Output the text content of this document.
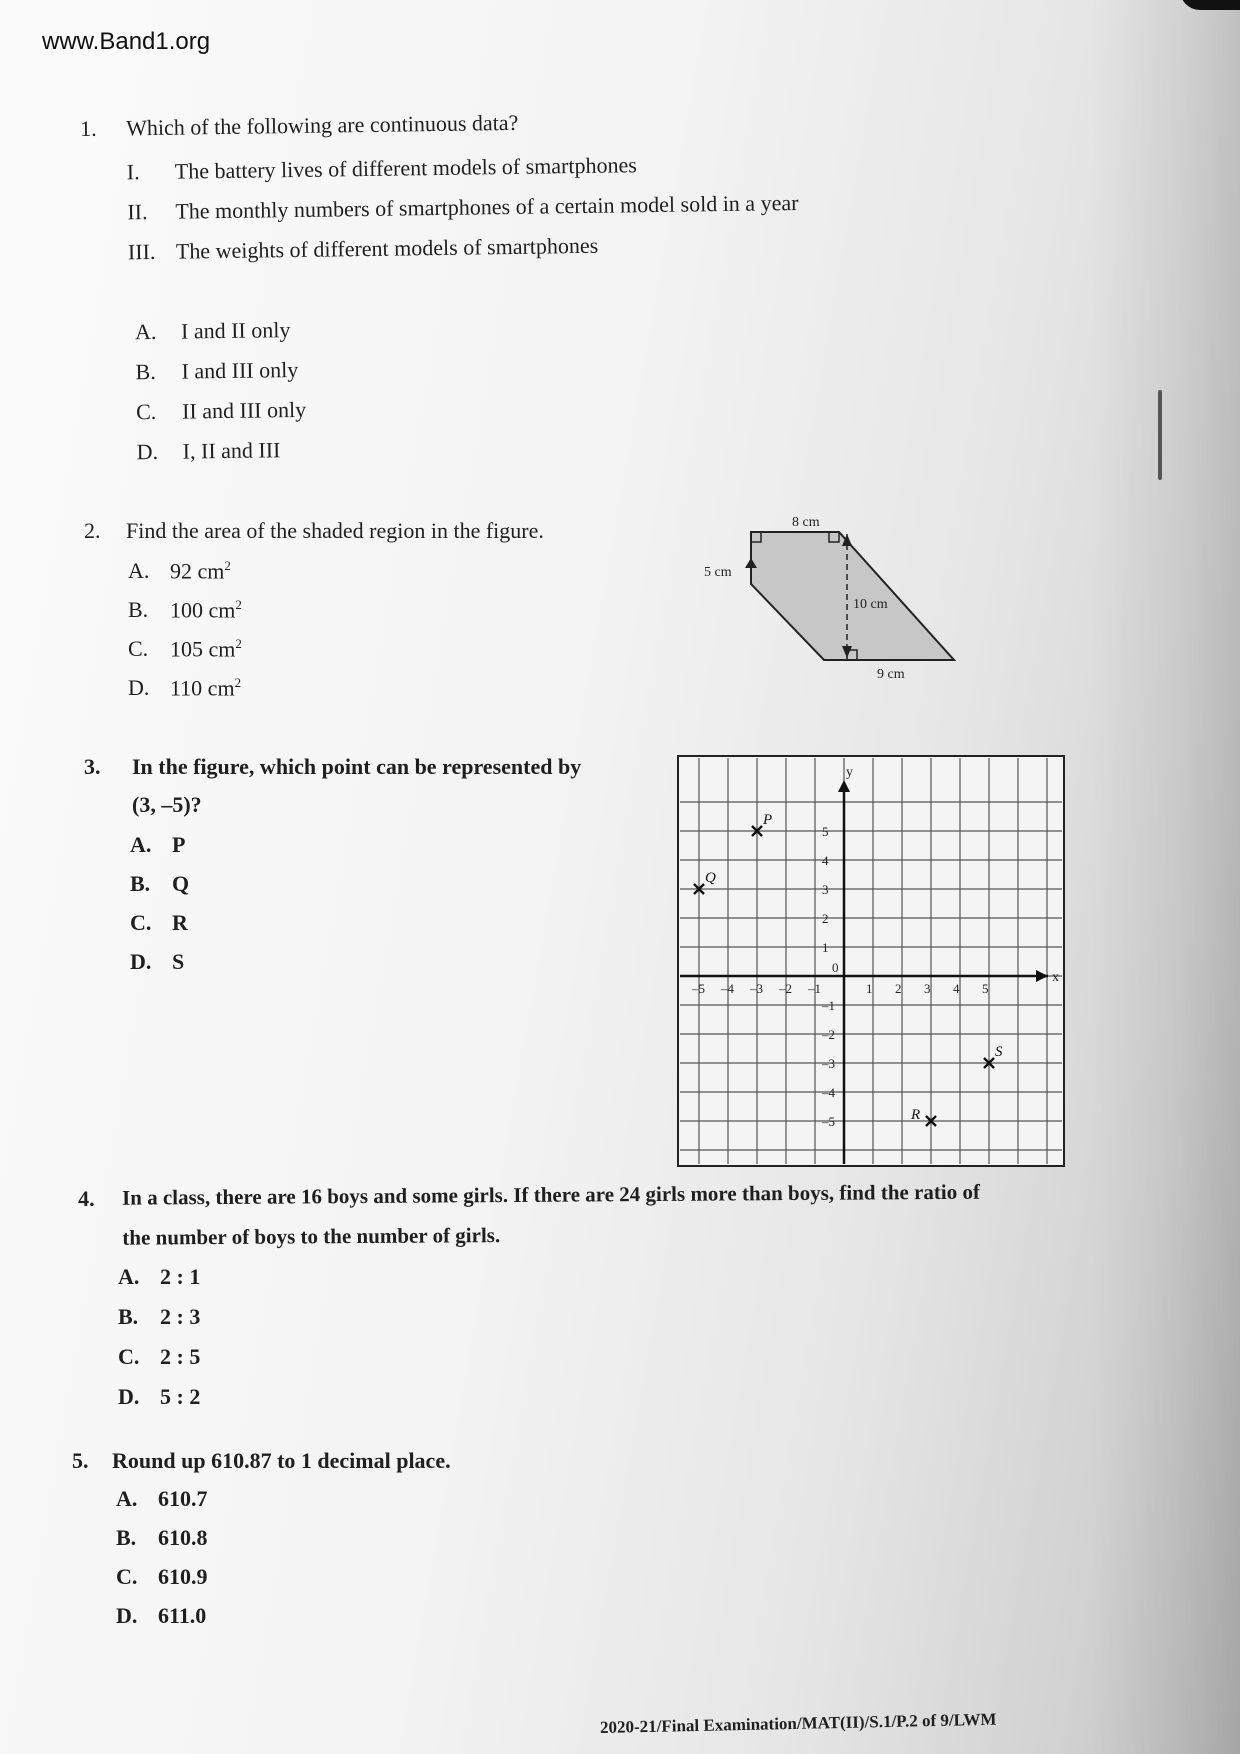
www.Band1.org
1. Which of the following are continuous data?
I. The battery lives of different models of smartphones
II. The monthly numbers of smartphones of a certain model sold in a year
III. The weights of different models of smartphones
A. I and II only
B. I and III only
C. II and III only
D. I, II and III
2. Find the area of the shaded region in the figure.
A. 92 $cm^2$
B. 100 $cm^2$
C. 105 $cm^2$
D. 110 $cm^2$
8 cm
5 cm
10 cm
9 cm
3. In the figure, which point can be represented by
(3, –5)?
A. P
B. Q
C. R
D. S
–5 –4 –3 –2 –1	1 2 3 4 5
5
4
3
2
1
–1
–2
–3
–4
–5
0
x
y
P
Q
R
S
4. In a class, there are 16 boys and some girls. If there are 24 girls more than boys, find the ratio of
the number of boys to the number of girls.
A. 2 : 1
B. 2 : 3
C. 2 : 5
D. 5 : 2
5. Round up 610.87 to 1 decimal place.
A. 610.7
B. 610.8
C. 610.9
D. 611.0
2020-21/Final Examination/MAT(II)/S.1/P.2 of 9/LWM
